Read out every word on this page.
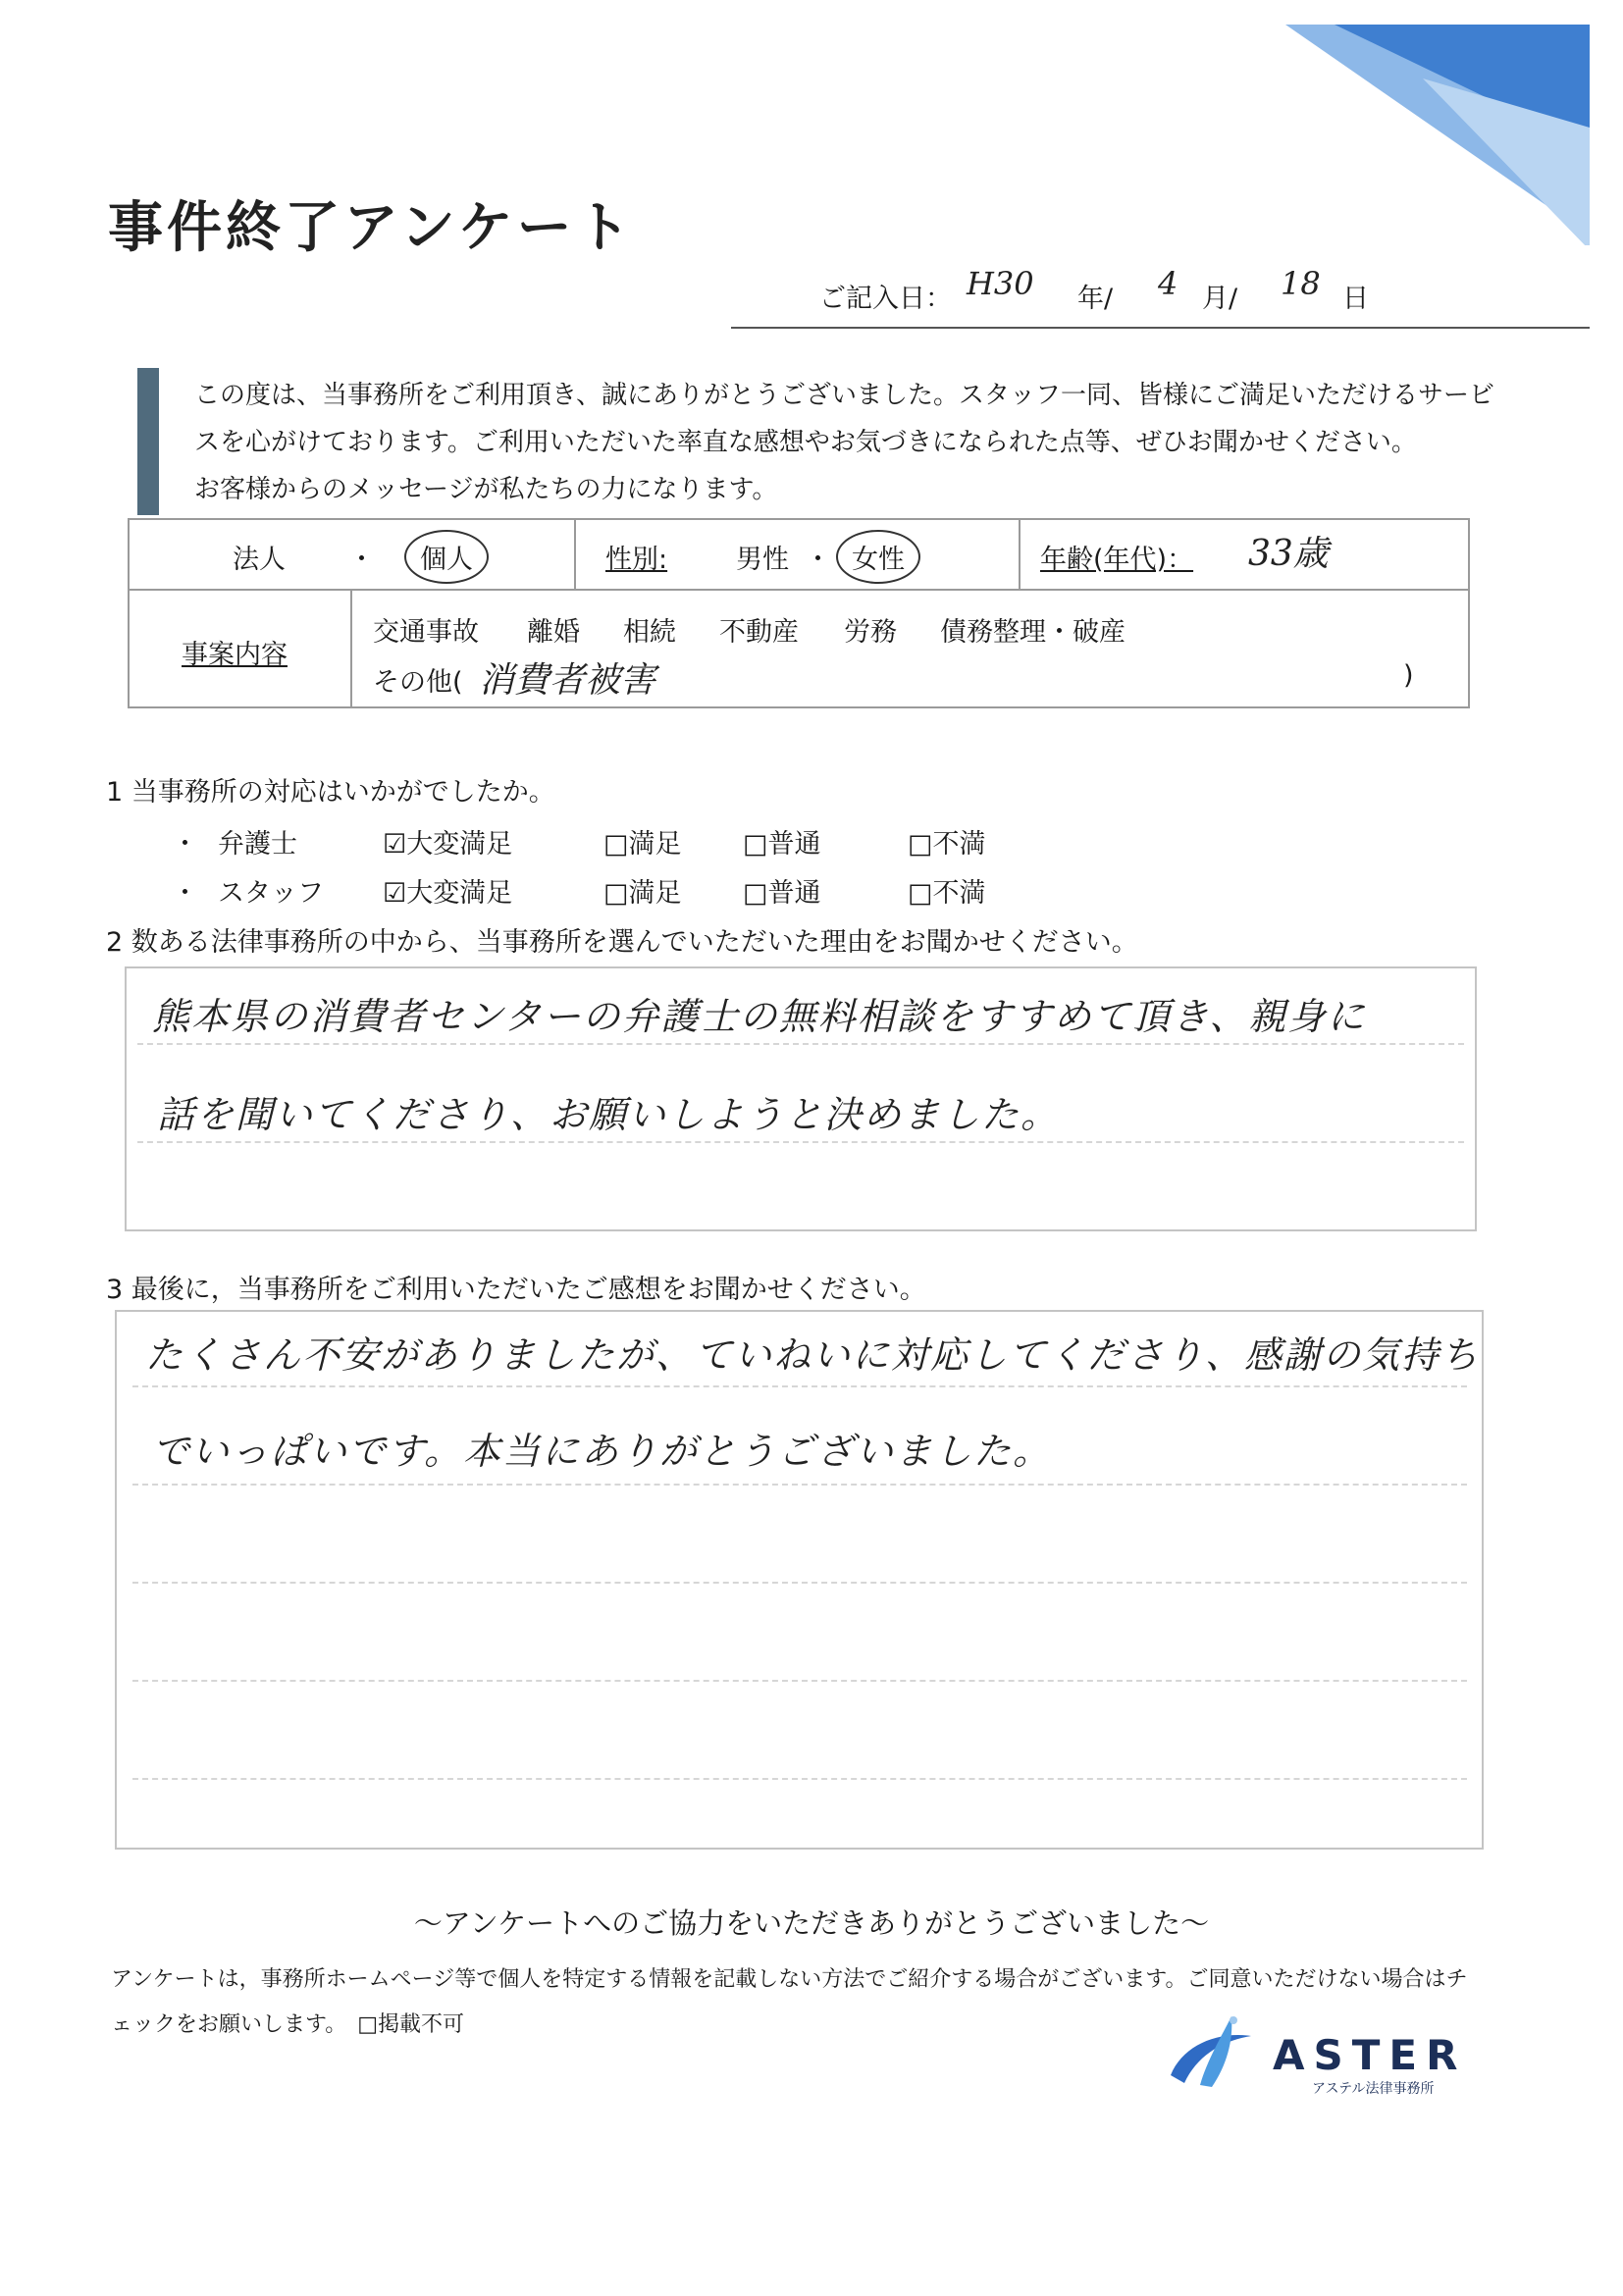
事件終了アンケート
ご記入日： H30 年/ 4 月/ 18 日
この度は、当事務所をご利用頂き、誠にありがとうございました。スタッフ一同、皆様にご満足いただけるサービ
スを心がけております。ご利用いただいた率直な感想やお気づきになられた点等、ぜひお聞かせください。
お客様からのメッセージが私たちの力になります。
法人 ・	個人	性別:	男性 ・ 女性	年齢(年代)： 33歳
事案内容
交通事故 離婚 相続 不動産 労務 債務整理・破産
その他( 消費者被害	)
1 当事務所の対応はいかがでしたか。
・ 弁護士	☑大変満足	□満足 □普通	□不満
・ スタッフ ☑大変満足	□満足 □普通	□不満
2 数ある法律事務所の中から、当事務所を選んでいただいた理由をお聞かせください。
熊本県の消費者センターの弁護士の無料相談をすすめて頂き、親身に
話を聞いてくださり、お願いしようと決めました。
3 最後に，当事務所をご利用いただいたご感想をお聞かせください。
たくさん不安がありましたが、ていねいに対応してくださり、感謝の気持ち
でいっぱいです。本当にありがとうございました。
～アンケートへのご協力をいただきありがとうございました～
アンケートは，事務所ホームページ等で個人を特定する情報を記載しない方法でご紹介する場合がございます。ご同意いただけない場合はチ
ェックをお願いします。　□掲載不可
ASTER
アステル法律事務所
